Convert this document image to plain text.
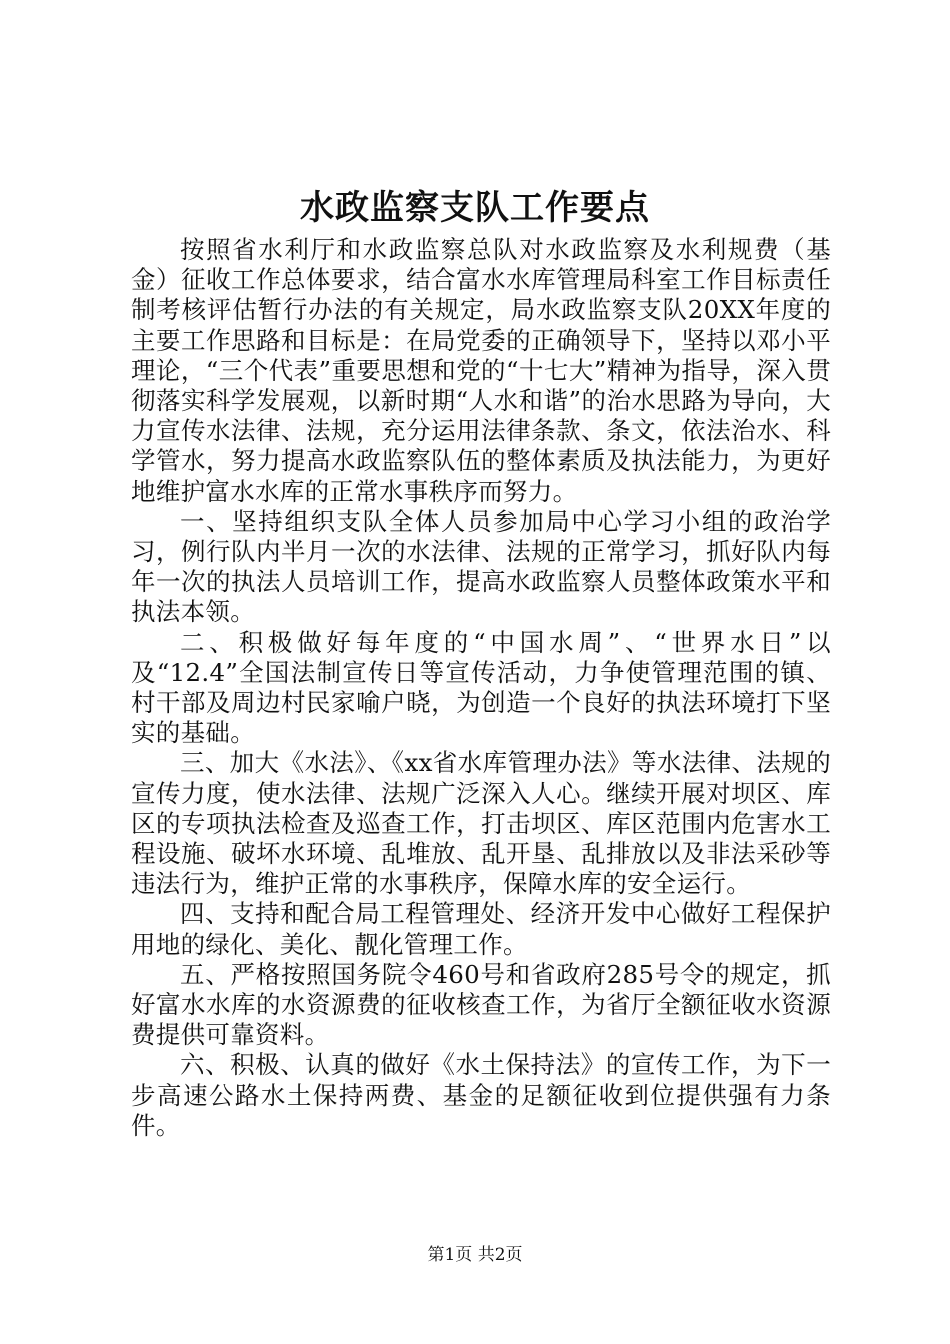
水政监察支队工作要点

按照省水利厅和水政监察总队对水政监察及水利规费（基金）征收工作总体要求，结合富水水库管理局科室工作目标责任制考核评估暂行办法的有关规定，局水政监察支队20XX年度的主要工作思路和目标是：在局党委的正确领导下，坚持以邓小平理论，“三个代表”重要思想和党的“十七大”精神为指导，深入贯彻落实科学发展观，以新时期“人水和谐”的治水思路为导向，大力宣传水法律、法规，充分运用法律条款、条文，依法治水、科学管水，努力提高水政监察队伍的整体素质及执法能力，为更好地维护富水水库的正常水事秩序而努力。

一、坚持组织支队全体人员参加局中心学习小组的政治学习，例行队内半月一次的水法律、法规的正常学习，抓好队内每年一次的执法人员培训工作，提高水政监察人员整体政策水平和执法本领。

二、积极做好每年度的“中国水周”、“世界水日”以及“12.4”全国法制宣传日等宣传活动，力争使管理范围的镇、村干部及周边村民家喻户晓，为创造一个良好的执法环境打下坚实的基础。

三、加大《水法》、《xx省水库管理办法》等水法律、法规的宣传力度，使水法律、法规广泛深入人心。继续开展对坝区、库区的专项执法检查及巡查工作，打击坝区、库区范围内危害水工程设施、破坏水环境、乱堆放、乱开垦、乱排放以及非法采砂等违法行为，维护正常的水事秩序，保障水库的安全运行。

四、支持和配合局工程管理处、经济开发中心做好工程保护用地的绿化、美化、靓化管理工作。

五、严格按照国务院令460号和省政府285号令的规定，抓好富水水库的水资源费的征收核查工作，为省厅全额征收水资源费提供可靠资料。

六、积极、认真的做好《水土保持法》的宣传工作，为下一步高速公路水土保持两费、基金的足额征收到位提供强有力条件。

第1页 共2页
